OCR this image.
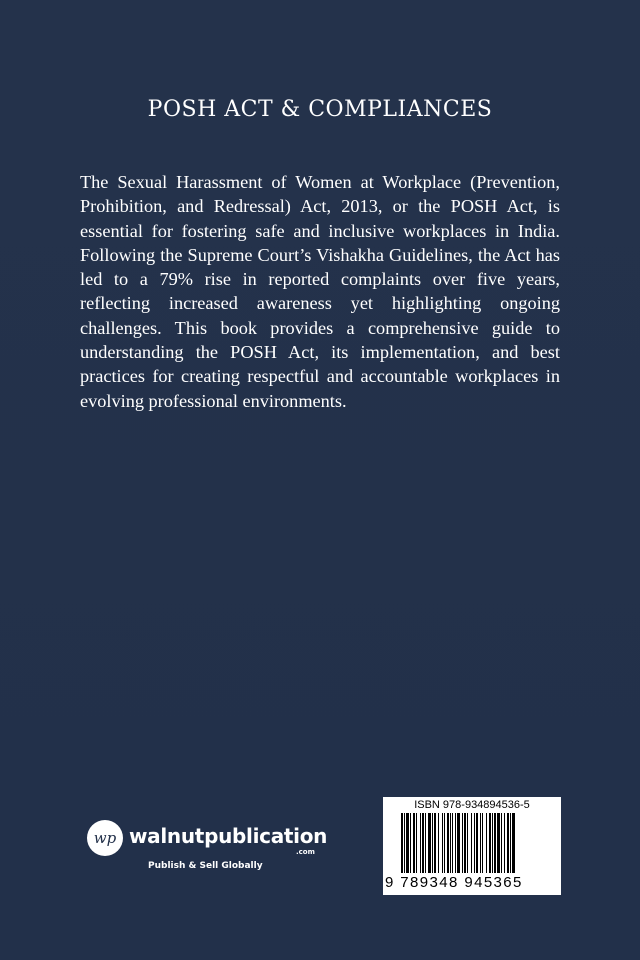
POSH ACT & COMPLIANCES

The Sexual Harassment of Women at Workplace (Prevention, Prohibition, and Redressal) Act, 2013, or the POSH Act, is essential for fostering safe and inclusive workplaces in India. Following the Supreme Court’s Vishakha Guidelines, the Act has led to a 79% rise in reported complaints over five years, reflecting increased awareness yet highlighting ongoing challenges. This book provides a comprehensive guide to understanding the POSH Act, its implementation, and best practices for creating respectful and accountable workplaces in evolving professional environments.

wp walnutpublication
.com
Publish & Sell Globally
ISBN 978-934894536-5
9 789348 945365
